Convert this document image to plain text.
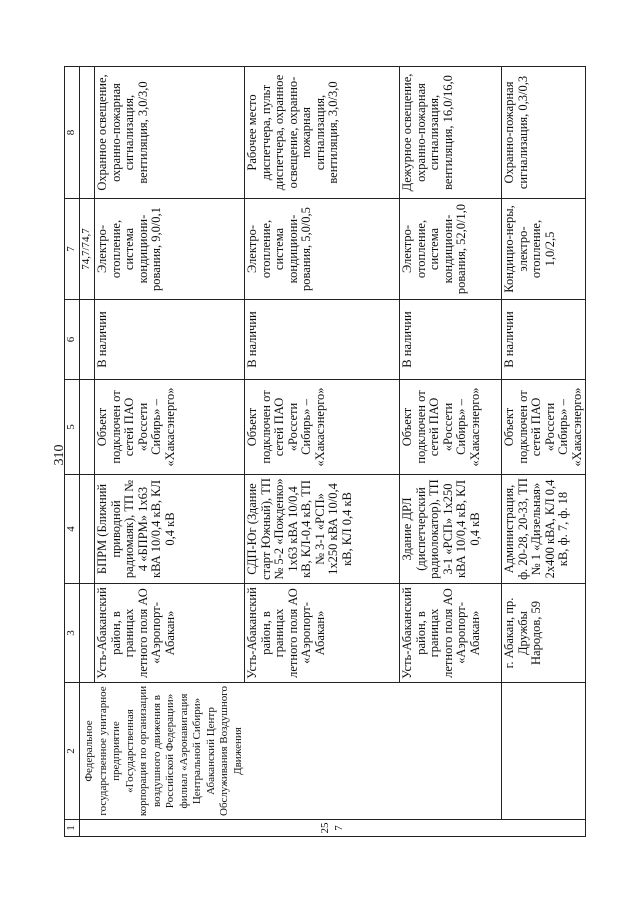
310
1	2	3	4	5	6	7	8
257	Федеральное государственное унитарное предприятие «Государственная корпорация по организации воздушного движения в Российской Федерации» филиал «Аэронавигация Центральной Сибири» Абаканский Центр Обслуживания Воздушного Движения					74,7/74,7	
		Усть-Абаканский район, в границах летного поля АО «Аэропорт-Абакан»	БПРМ (Ближний приводной радиомаяк), ТП № 4 «БПРМ» 1х63 кВА 10/0,4 кВ, КЛ 0,4 кВ	Объект подключен от сетей ПАО «Россети Сибирь» – «Хакасэнерго»	В наличии	Электро-отопление, система кондициони-рования, 9,0/0,1	Охранное освещение, охранно-пожарная сигнализация, вентиляция, 3,0/3,0
		Усть-Абаканский район, в границах летного поля АО «Аэропорт-Абакан»	СДП-Юг (Здание старт Южный), ТП № 5-2 «Пожденко» 1х63 кВА 10/0,4 кВ, КЛ-0,4 кВ, ТП № 3-1 «РСП» 1х250 кВА 10/0,4 кВ, КЛ 0,4 кВ	Объект подключен от сетей ПАО «Россети Сибирь» – «Хакасэнерго»	В наличии	Электро-отопление, система кондициони-рования, 5,0/0,5	Рабочее место диспетчера, пульт диспетчера, охранное освещение, охранно-пожарная сигнализация, вентиляция, 3,0/3,0
		Усть-Абаканский район, в границах летного поля АО «Аэропорт-Абакан»	Здание ДРЛ (диспетчерский радиолокатор), ТП 3-1 «РСП» 1х250 кВА 10/0,4 кВ, КЛ 0,4 кВ	Объект подключен от сетей ПАО «Россети Сибирь» – «Хакасэнерго»	В наличии	Электро-отопление, система кондициони-рования, 52,0/1,0	Дежурное освещение, охранно-пожарная сигнализация, вентиляция, 16,0/16,0
		г. Абакан, пр. Дружбы Народов, 59	Администрация, ф. 20-28, 20-33, ТП № 1 «Дизельная» 2х400 кВА, КЛ 0,4 кВ, ф. 7, ф. 18	Объект подключен от сетей ПАО «Россети Сибирь» – «Хакасэнерго»	В наличии	Кондицио-неры, электро-отопление, 1,0/2,5	Охранно-пожарная сигнализация, 0,3/0,3
